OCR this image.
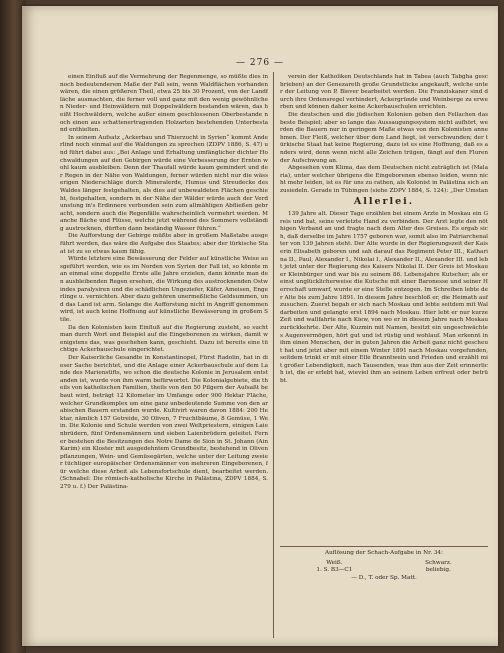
— 276 —

einen Einfluß auf die Vermehrung der Regenmenge, so müßte dies in noch bedeutenderem Maße der Fall sein, wenn Waldflächen vorhanden wären, die einen größeren Theil, etwa 25 bis 30 Prozent, von der Landfläche ausmachten, die ferner voll und ganz mit den wenig gewöhnlichen Nieder- und Heinwäldern mit Doppelwäldern bestanden wären, das heißt Hochwäldern, welche außer einem geschlossenen Oberbestande noch einen aus schattenertragenden Holzarten bestehenden Unterbestand enthielten.

In seinem Aufsatz „Ackerbau und Thierzucht in Syrien“ kommt Anderlind noch einmal auf die Waldungen zu sprechen (ZDPV 1886, S. 47) und führt dabei aus: „Bei Anlage und Erhaltung umfänglicher dichter Hochwaldungen auf den Gebirgen würde eine Verbesserung der Ernten wohl kaum ausbleiben. Denn der Thaufall würde kaum gemindert und der Regen in der Nähe von Waldungen, ferner würden nicht nur die wässerigen Niederschläge durch Mineralerde, Humus und Streudecke des Waldes länger festgehalten, als dies auf unbewaldeten Flächen geschieht, festgehalten, sondern in der Nähe der Wälder würde auch der Verdunstung in's Erdinnere verbunden sein zum allmähligen Abfließen gebracht, sondern auch die Regenfälle wahrscheinlich vermehrt werden. Manche Bäche und Flüsse, welche jetzt während des Sommers vollständig austrocknen, dürften dann beständig Wasser führen.“

Die Aufforstung der Gebirge müßte aber in großem Maßstabe ausgeführt werden, das wäre die Aufgabe des Staates; aber der türkische Staat ist zu so etwas kaum fähig.

Würde letztere eine Bewässerung der Felder auf künstliche Weise ausgeführt werden, wie es im Norden von Syrien der Fall ist, so könnte man einmal eine doppelte Ernte alle Jahre erzielen, dann könnte man den ausbleibenden Regen ersehen, die Wirkung des austrocknenden Ostwindes paralysiren und die schädlichen Ungeziefer, Käfer, Ameisen, Engerlinge u. vernichten. Aber dazu gehören unermeßliche Geldsummen, und das Land ist arm. Solange die Aufforstung nicht in Angriff genommen wird, ist auch keine Hoffnung auf künstliche Bewässerung in großem Stile.

Da den Kolonisten kein Einfluß auf die Regierung zusteht, so sucht man durch Wort und Beispiel auf die Eingeborenen zu wirken, damit wenigstens das, was geschehen kann, geschieht. Dazu ist bereits eine tüchtige Ackerbauschule eingerichtet.

Der Kaiserliche Gesandte in Konstantinopel, Fürst Radolin, hat in dieser Sache berichtet, und die Anlage einer Ackerbauschule auf dem Lande des Marienstifts, wo schon die deutsche Kolonie in Jerusalem entstanden ist, wurde von ihm warm befürwortet. Die Kolonialgebiete, die theils von katholischen Familien, theils von den 50 Pilgern der Aufsaßt bebaut wird, beträgt 12 Kilometer im Umfange oder 900 Hektar Fläche, welcher Grundkomplex um eine ganz unbedeutende Summe von den arabischen Bauern erstanden wurde. Kultivirt waren davon 1884: 200 Hektar, nämlich 157 Getreide, 30 Oliven, 7 Fruchtbäume, 8 Gemüse, 1 Wein. Die Kolonie und Schule werden von zwei Weltpriestern, einigen Laienbrüdern, fünf Ordensmännern und sieben Laienbrüdern geleitet. Ferner bestehen die Besitzungen des Notre Dame de Sion in St. Johann (Ain Karim) ein Kloster mit ausgedehntem Grundbesitz, bestehend in Olivenpflanzungen, Wein- und Gemüsegärten, welche unter der Leitung zweier tüchtiger europäischer Ordensmänner von mehreren Eingeborenen, für welche diese Arbeit als Lebensfortschule dient, bearbeitet werden. (Schnabel: Die römisch-katholische Kirche in Palästina, ZDPV 1884, S. 279 u. f.) Der Palästina-

verein der Katholiken Deutschlands hat in Tabea (auch Tabgha geschrieben) an der Genezareth große Grundstücke angekauft, welche unter der Leitung von P. Biever bearbeitet werden. Die Franziskaner sind durch ihre Ordensregel verhindert, Ackergründe und Weinberge zu erwerben und können daher keine Ackerbauschulen errichten.

Die deutschen und die jüdischen Kolonien geben den Fellachen das beste Beispiel; aber so lange das Aussaugungssystem nicht aufhört, werden die Bauern nur in geringem Maße etwas von den Kolonisten annehmen. Der Fleiß, welcher über dem Land liegt, ist verschwunden; der türkische Staat hat keine Regierung, dazu ist es eine Hoffnung, daß es anders wird, denn wenn nicht alle Zeichen trügen, fängt auf den Fluren der Aufschwung an.

Abgesehen vom Klima, das dem Deutschen nicht zuträglich ist (Malaria), unter welcher übrigens die Eingeborenen ebenso leiden, wenn nicht mehr leiden, ist es für uns zu rathen, als Kolonist in Palästina sich anzusiedeln. Gerade in Tübingen (siehe ZDPV 1884, S. 124): „Der Umstan

Allerlei.

139 Jahre alt. Dieser Tage erzählen bei einem Arzte in Moskau ein Greis und bat, seine verletzte Hand zu verbinden. Der Arzt legte den nöthigen Verband an und fragte nach dem Alter des Greises. Es ergab sich, daß derselbe im Jahre 1757 geboren war, somit also im Patriarchenalter von 139 Jahren steht. Der Alte wurde in der Regierungszeit der Kaiserin Elisabeth geboren und sah darauf das Regiment Peter III., Katharina II., Paul, Alexander I., Nikolai I., Alexander II., Alexander III. und lebt jetzt unter der Regierung des Kaisers Nikolai II. Der Greis ist Moskauer Kleinbürger und war bis zu seinem 86. Lebensjahre Kutscher; als er einst unglücklicherweise die Kutsche mit einer Baronesse und seiner Herrschaft umwarf, wurde er eine Stelle entzogen. Im Schreiben lebte der Alte bis zum Jahre 1891. In diesem Jahre beschloß er, die Heimath aufzusuchen. Zuerst begab er sich nach Moskau und lebte seitdem mit Waldarbeiten und gelangte erst 1894 nach Moskau. Hier lebt er nur kurze Zeit und wallfahrte nach Kiew, von wo er in diesem Jahre nach Moskau zurückkehrte. Der Alte, Kuzmin mit Namen, besitzt ein ungeschwächtes Augenvermögen, hört gut und ist rüstig und wohlauf. Man erkennt in ihm einen Menschen, der in guten Jahren die Arbeit ganz nicht gescheut hat und jetzt aber mit einem Winter 1891 nach Moskau vorgefunden, seitdem trinkt er mit einer Elle Branntwein und Frieden und erzählt mit großer Lebendigkeit, nach Tausenden, was ihm aus der Zeit erinnerlich ist, die er erlebt hat, wieviel ihm an seinem Leben erfreut oder betrübt.

Auflösung der Schach-Aufgabe in Nr. 34:
Weiß.
1. S. B3—C1
Schwarz.
beliebig.
— D., T. oder Sp. Matt.
